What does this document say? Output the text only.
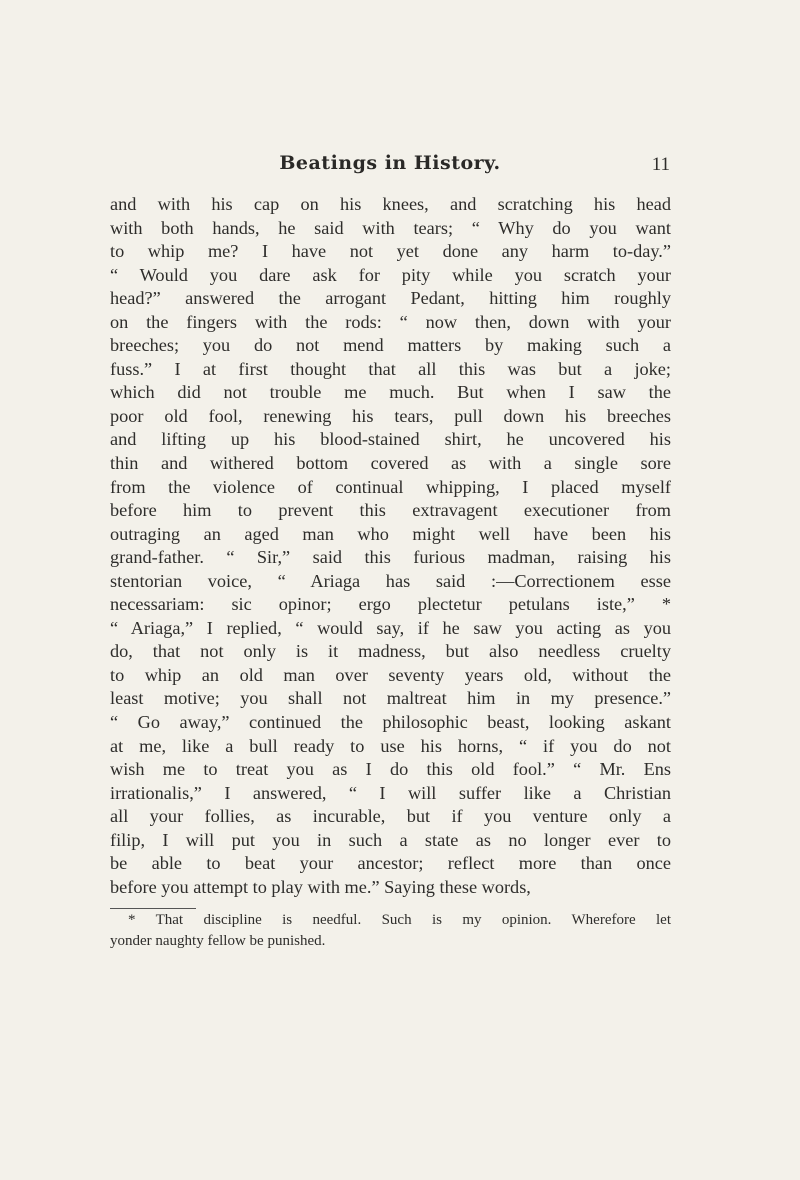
Beatings in History.	11
and with his cap on his knees, and scratching his head
with both hands, he said with tears; “ Why do you want
to whip me? I have not yet done any harm to-day.”
“ Would you dare ask for pity while you scratch your
head?” answered the arrogant Pedant, hitting him roughly
on the fingers with the rods: “ now then, down with your
breeches; you do not mend matters by making such a
fuss.” I at first thought that all this was but a joke;
which did not trouble me much. But when I saw the
poor old fool, renewing his tears, pull down his breeches
and lifting up his blood-stained shirt, he uncovered his
thin and withered bottom covered as with a single sore
from the violence of continual whipping, I placed myself
before him to prevent this extravagent executioner from
outraging an aged man who might well have been his
grand-father. “ Sir,” said this furious madman, raising his
stentorian voice, “ Ariaga has said :—Correctionem esse
necessariam: sic opinor; ergo plectetur petulans iste,” *
“ Ariaga,” I replied, “ would say, if he saw you acting as you
do, that not only is it madness, but also needless cruelty
to whip an old man over seventy years old, without the
least motive; you shall not maltreat him in my presence.”
“ Go away,” continued the philosophic beast, looking askant
at me, like a bull ready to use his horns, “ if you do not
wish me to treat you as I do this old fool.” “ Mr. Ens
irrationalis,” I answered, “ I will suffer like a Christian
all your follies, as incurable, but if you venture only a
filip, I will put you in such a state as no longer ever to
be able to beat your ancestor; reflect more than once
before you attempt to play with me.” Saying these words,
* That discipline is needful. Such is my opinion. Wherefore let
yonder naughty fellow be punished.
